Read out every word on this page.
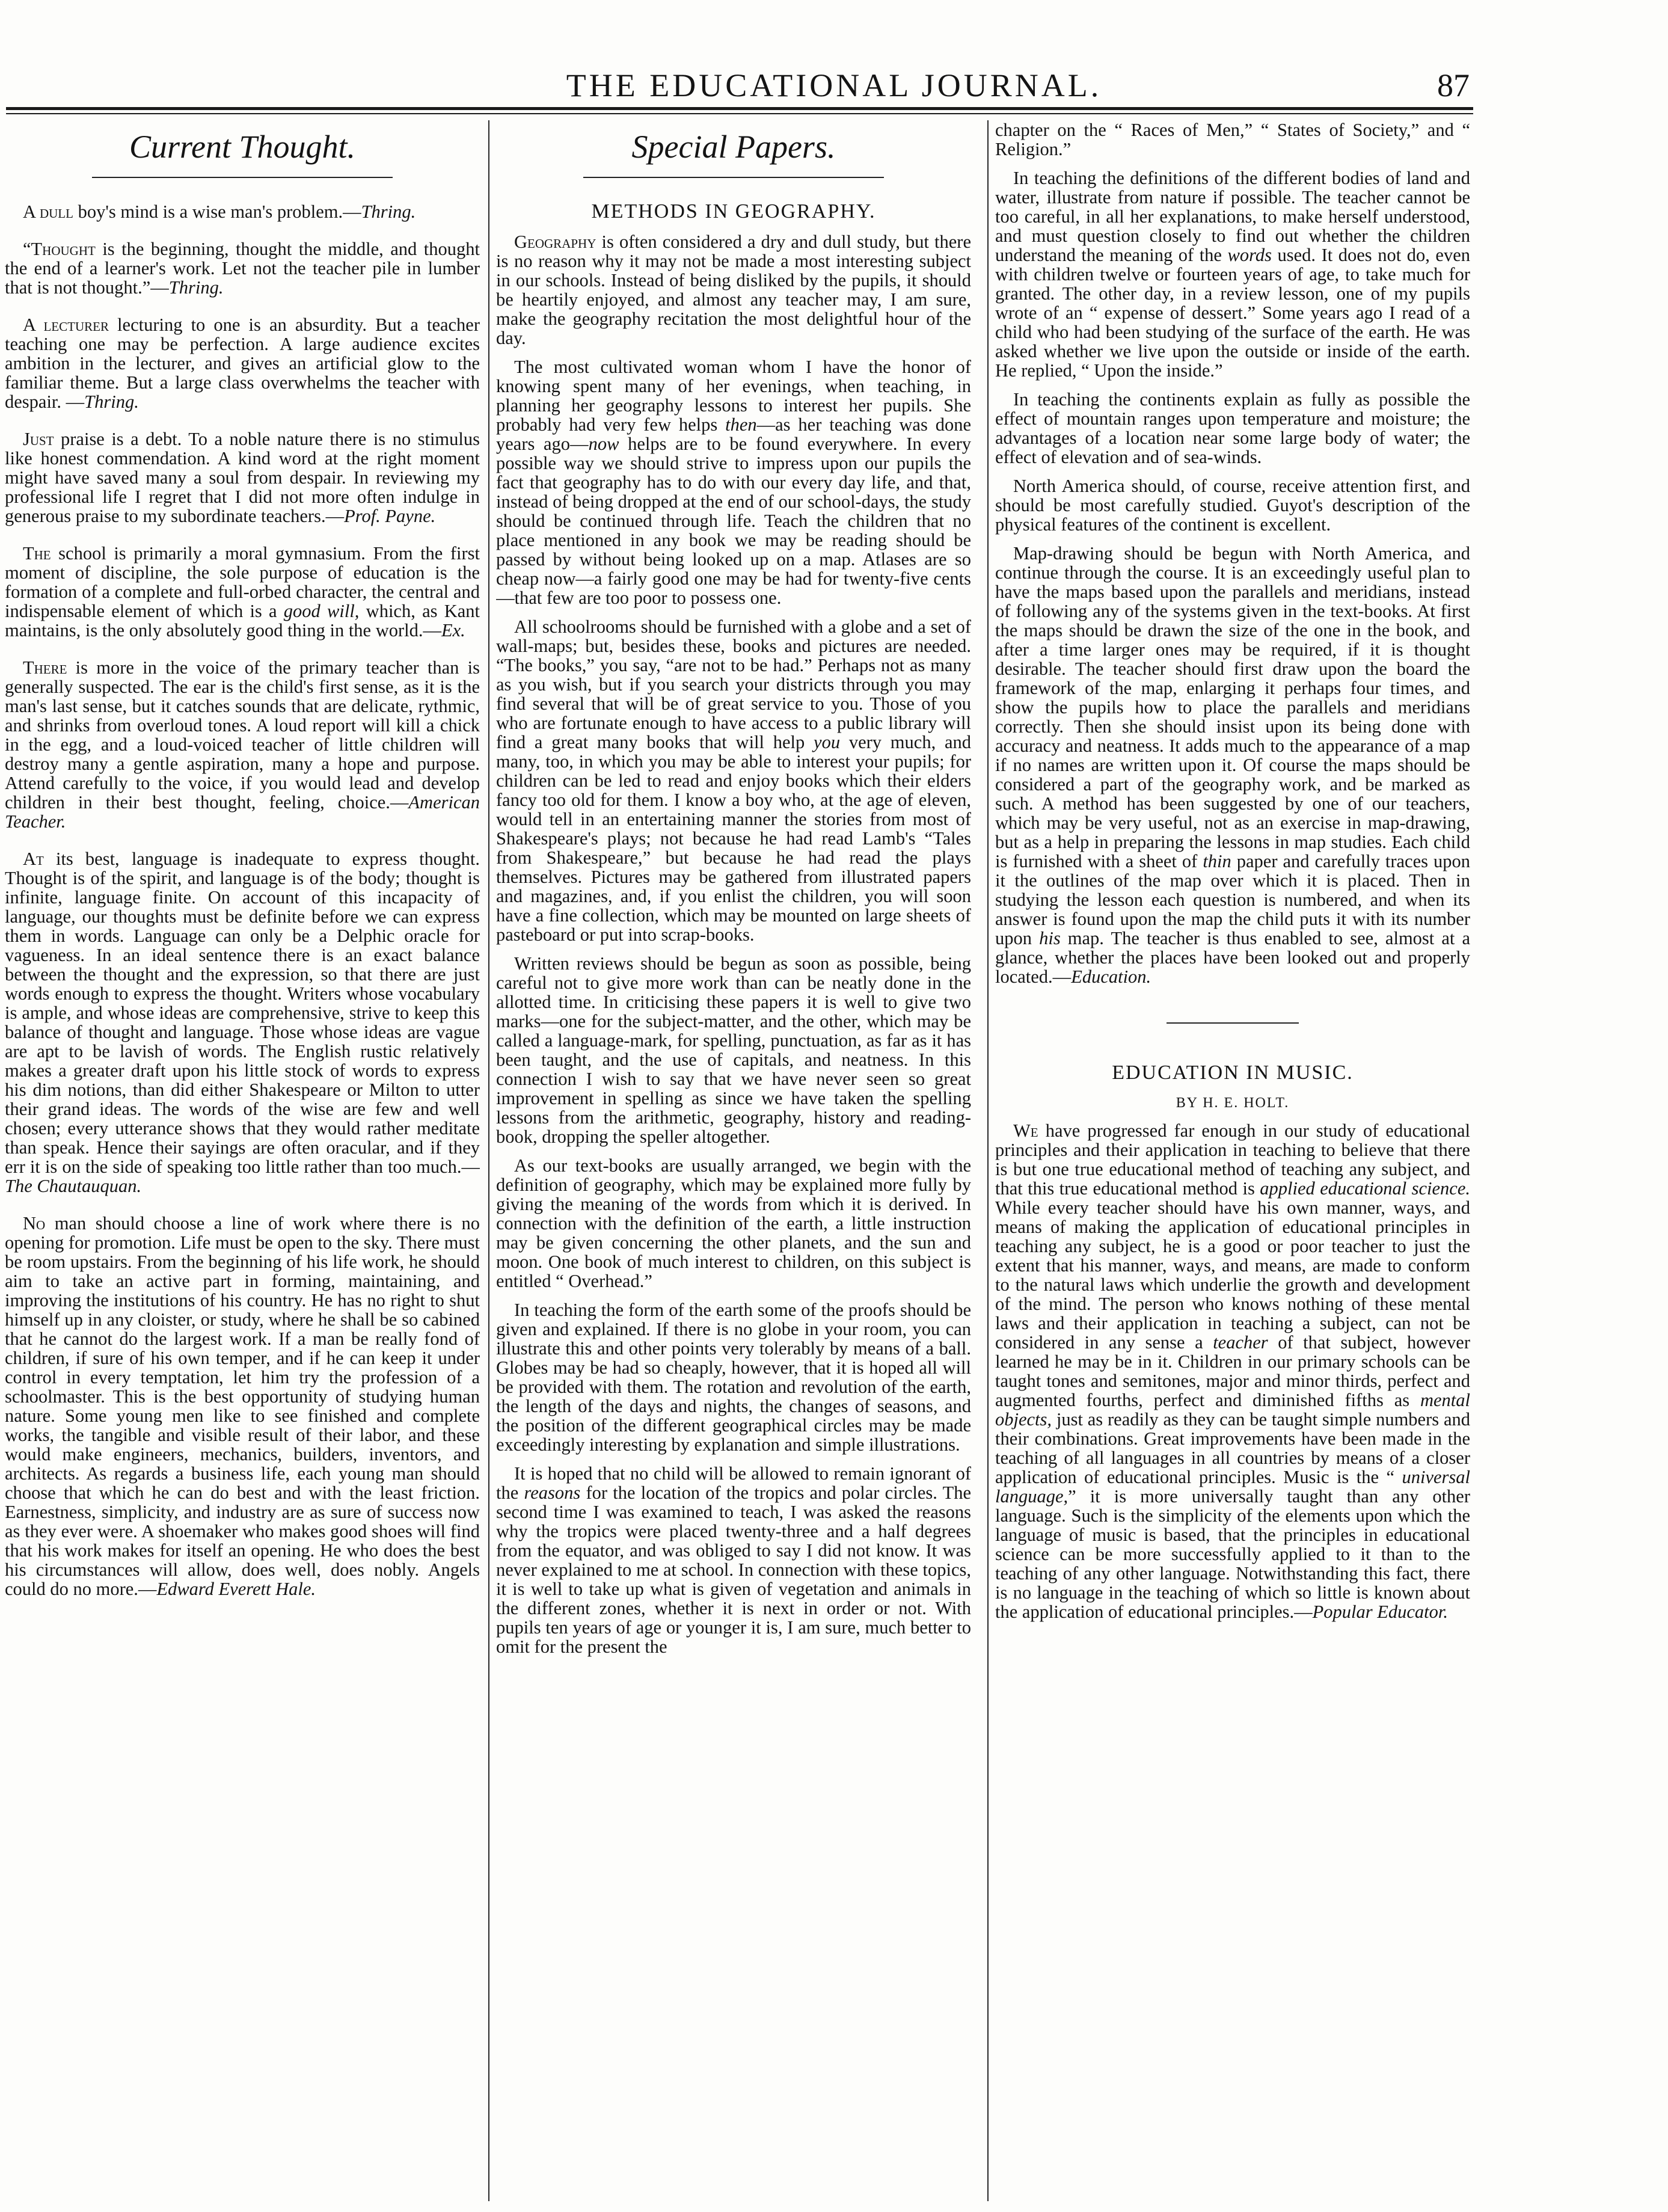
THE EDUCATIONAL JOURNAL.	87
Current Thought.

A dull boy's mind is a wise man's problem.—Thring.

“Thought is the beginning, thought the middle, and thought the end of a learner's work. Let not the teacher pile in lumber that is not thought.”—Thring.

A lecturer lecturing to one is an absurdity. But a teacher teaching one may be perfection. A large audience excites ambition in the lecturer, and gives an artificial glow to the familiar theme. But a large class overwhelms the teacher with despair. —Thring.

Just praise is a debt. To a noble nature there is no stimulus like honest commendation. A kind word at the right moment might have saved many a soul from despair. In reviewing my professional life I regret that I did not more often indulge in generous praise to my subordinate teachers.—Prof. Payne.

The school is primarily a moral gymnasium. From the first moment of discipline, the sole purpose of education is the formation of a complete and full-orbed character, the central and indispensable element of which is a good will, which, as Kant maintains, is the only absolutely good thing in the world.—Ex.

There is more in the voice of the primary teacher than is generally suspected. The ear is the child's first sense, as it is the man's last sense, but it catches sounds that are delicate, rythmic, and shrinks from overloud tones. A loud report will kill a chick in the egg, and a loud-voiced teacher of little children will destroy many a gentle aspiration, many a hope and purpose. Attend carefully to the voice, if you would lead and develop children in their best thought, feeling, choice.—American Teacher.

At its best, language is inadequate to express thought. Thought is of the spirit, and language is of the body; thought is infinite, language finite. On account of this incapacity of language, our thoughts must be definite before we can express them in words. Language can only be a Delphic oracle for vagueness. In an ideal sentence there is an exact balance between the thought and the expression, so that there are just words enough to express the thought. Writers whose vocabulary is ample, and whose ideas are comprehensive, strive to keep this balance of thought and language. Those whose ideas are vague are apt to be lavish of words. The English rustic relatively makes a greater draft upon his little stock of words to express his dim notions, than did either Shakespeare or Milton to utter their grand ideas. The words of the wise are few and well chosen; every utterance shows that they would rather meditate than speak. Hence their sayings are often oracular, and if they err it is on the side of speaking too little rather than too much.—The Chautauquan.

No man should choose a line of work where there is no opening for promotion. Life must be open to the sky. There must be room upstairs. From the beginning of his life work, he should aim to take an active part in forming, maintaining, and improving the institutions of his country. He has no right to shut himself up in any cloister, or study, where he shall be so cabined that he cannot do the largest work. If a man be really fond of children, if sure of his own temper, and if he can keep it under control in every temptation, let him try the profession of a schoolmaster. This is the best opportunity of studying human nature. Some young men like to see finished and complete works, the tangible and visible result of their labor, and these would make engineers, mechanics, builders, inventors, and architects. As regards a business life, each young man should choose that which he can do best and with the least friction. Earnestness, simplicity, and industry are as sure of success now as they ever were. A shoemaker who makes good shoes will find that his work makes for itself an opening. He who does the best his circumstances will allow, does well, does nobly. Angels could do no more.—Edward Everett Hale.

Special Papers.
METHODS IN GEOGRAPHY.

Geography is often considered a dry and dull study, but there is no reason why it may not be made a most interesting subject in our schools. Instead of being disliked by the pupils, it should be heartily enjoyed, and almost any teacher may, I am sure, make the geography recitation the most delightful hour of the day.

The most cultivated woman whom I have the honor of knowing spent many of her evenings, when teaching, in planning her geography lessons to interest her pupils. She probably had very few helps then—as her teaching was done years ago—now helps are to be found everywhere. In every possible way we should strive to impress upon our pupils the fact that geography has to do with our every day life, and that, instead of being dropped at the end of our school-days, the study should be continued through life. Teach the children that no place mentioned in any book we may be reading should be passed by without being looked up on a map. Atlases are so cheap now—a fairly good one may be had for twenty-five cents—that few are too poor to possess one.

All schoolrooms should be furnished with a globe and a set of wall-maps; but, besides these, books and pictures are needed. “The books,” you say, “are not to be had.” Perhaps not as many as you wish, but if you search your districts through you may find several that will be of great service to you. Those of you who are fortunate enough to have access to a public library will find a great many books that will help you very much, and many, too, in which you may be able to interest your pupils; for children can be led to read and enjoy books which their elders fancy too old for them. I know a boy who, at the age of eleven, would tell in an entertaining manner the stories from most of Shakespeare's plays; not because he had read Lamb's “Tales from Shakespeare,” but because he had read the plays themselves. Pictures may be gathered from illustrated papers and magazines, and, if you enlist the children, you will soon have a fine collection, which may be mounted on large sheets of pasteboard or put into scrap-books.

Written reviews should be begun as soon as possible, being careful not to give more work than can be neatly done in the allotted time. In criticising these papers it is well to give two marks—one for the subject-matter, and the other, which may be called a language-mark, for spelling, punctuation, as far as it has been taught, and the use of capitals, and neatness. In this connection I wish to say that we have never seen so great improvement in spelling as since we have taken the spelling lessons from the arithmetic, geography, history and reading-book, dropping the speller altogether.

As our text-books are usually arranged, we begin with the definition of geography, which may be explained more fully by giving the meaning of the words from which it is derived. In connection with the definition of the earth, a little instruction may be given concerning the other planets, and the sun and moon. One book of much interest to children, on this subject is entitled “ Overhead.”

In teaching the form of the earth some of the proofs should be given and explained. If there is no globe in your room, you can illustrate this and other points very tolerably by means of a ball. Globes may be had so cheaply, however, that it is hoped all will be provided with them. The rotation and revolution of the earth, the length of the days and nights, the changes of seasons, and the position of the different geographical circles may be made exceedingly interesting by explanation and simple illustrations.

It is hoped that no child will be allowed to remain ignorant of the reasons for the location of the tropics and polar circles. The second time I was examined to teach, I was asked the reasons why the tropics were placed twenty-three and a half degrees from the equator, and was obliged to say I did not know. It was never explained to me at school. In connection with these topics, it is well to take up what is given of vegetation and animals in the different zones, whether it is next in order or not. With pupils ten years of age or younger it is, I am sure, much better to omit for the present the

chapter on the “ Races of Men,” “ States of Society,” and “ Religion.”

In teaching the definitions of the different bodies of land and water, illustrate from nature if possible. The teacher cannot be too careful, in all her explanations, to make herself understood, and must question closely to find out whether the children understand the meaning of the words used. It does not do, even with children twelve or fourteen years of age, to take much for granted. The other day, in a review lesson, one of my pupils wrote of an “ expense of dessert.” Some years ago I read of a child who had been studying of the surface of the earth. He was asked whether we live upon the outside or inside of the earth. He replied, “ Upon the inside.”

In teaching the continents explain as fully as possible the effect of mountain ranges upon temperature and moisture; the advantages of a location near some large body of water; the effect of elevation and of sea-winds.

North America should, of course, receive attention first, and should be most carefully studied. Guyot's description of the physical features of the continent is excellent.

Map-drawing should be begun with North America, and continue through the course. It is an exceedingly useful plan to have the maps based upon the parallels and meridians, instead of following any of the systems given in the text-books. At first the maps should be drawn the size of the one in the book, and after a time larger ones may be required, if it is thought desirable. The teacher should first draw upon the board the framework of the map, enlarging it perhaps four times, and show the pupils how to place the parallels and meridians correctly. Then she should insist upon its being done with accuracy and neatness. It adds much to the appearance of a map if no names are written upon it. Of course the maps should be considered a part of the geography work, and be marked as such. A method has been suggested by one of our teachers, which may be very useful, not as an exercise in map-drawing, but as a help in preparing the lessons in map studies. Each child is furnished with a sheet of thin paper and carefully traces upon it the outlines of the map over which it is placed. Then in studying the lesson each question is numbered, and when its answer is found upon the map the child puts it with its number upon his map. The teacher is thus enabled to see, almost at a glance, whether the places have been looked out and properly located.—Education.

EDUCATION IN MUSIC.
BY H. E. HOLT.

We have progressed far enough in our study of educational principles and their application in teaching to believe that there is but one true educational method of teaching any subject, and that this true educational method is applied educational science. While every teacher should have his own manner, ways, and means of making the application of educational principles in teaching any subject, he is a good or poor teacher to just the extent that his manner, ways, and means, are made to conform to the natural laws which underlie the growth and development of the mind. The person who knows nothing of these mental laws and their application in teaching a subject, can not be considered in any sense a teacher of that subject, however learned he may be in it. Children in our primary schools can be taught tones and semitones, major and minor thirds, perfect and augmented fourths, perfect and diminished fifths as mental objects, just as readily as they can be taught simple numbers and their combinations. Great improvements have been made in the teaching of all languages in all countries by means of a closer application of educational principles. Music is the “ universal language,” it is more universally taught than any other language. Such is the simplicity of the elements upon which the language of music is based, that the principles in educational science can be more successfully applied to it than to the teaching of any other language. Notwithstanding this fact, there is no language in the teaching of which so little is known about the application of educational principles.—Popular Educator.
